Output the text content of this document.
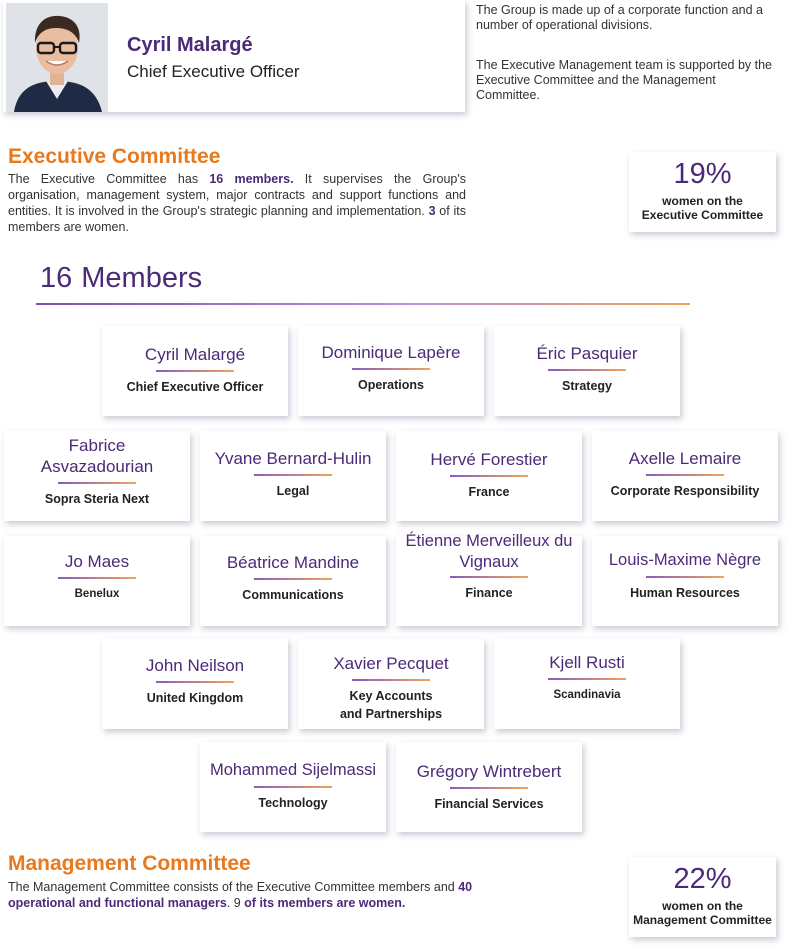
Cyril Malargé
Chief Executive Officer

The Group is made up of a corporate function and a number of operational divisions.

The Executive Management team is supported by the Executive Committee and the Management Committee.

Executive Committee

The Executive Committee has 16 members. It supervises the Group's organisation, management system, major contracts and support functions and entities. It is involved in the Group's strategic planning and implementation. 3 of its members are women.

19%
women on the Executive Committee
16 Members
Cyril Malargé
Chief Executive Officer
Dominique Lapère
Operations
Éric Pasquier
Strategy
Fabrice Asvazadourian
Sopra Steria Next
Yvane Bernard-Hulin
Legal
Hervé Forestier
France
Axelle Lemaire
Corporate Responsibility
Jo Maes
Benelux
Béatrice Mandine
Communications
Étienne Merveilleux du Vignaux
Finance
Louis-Maxime Nègre
Human Resources
John Neilson
United Kingdom
Xavier Pecquet
Key Accounts and Partnerships
Kjell Rusti
Scandinavia
Mohammed Sijelmassi
Technology
Grégory Wintrebert
Financial Services
Management Committee

The Management Committee consists of the Executive Committee members and 40 operational and functional managers. 9 of its members are women.

22%
women on the Management Committee
